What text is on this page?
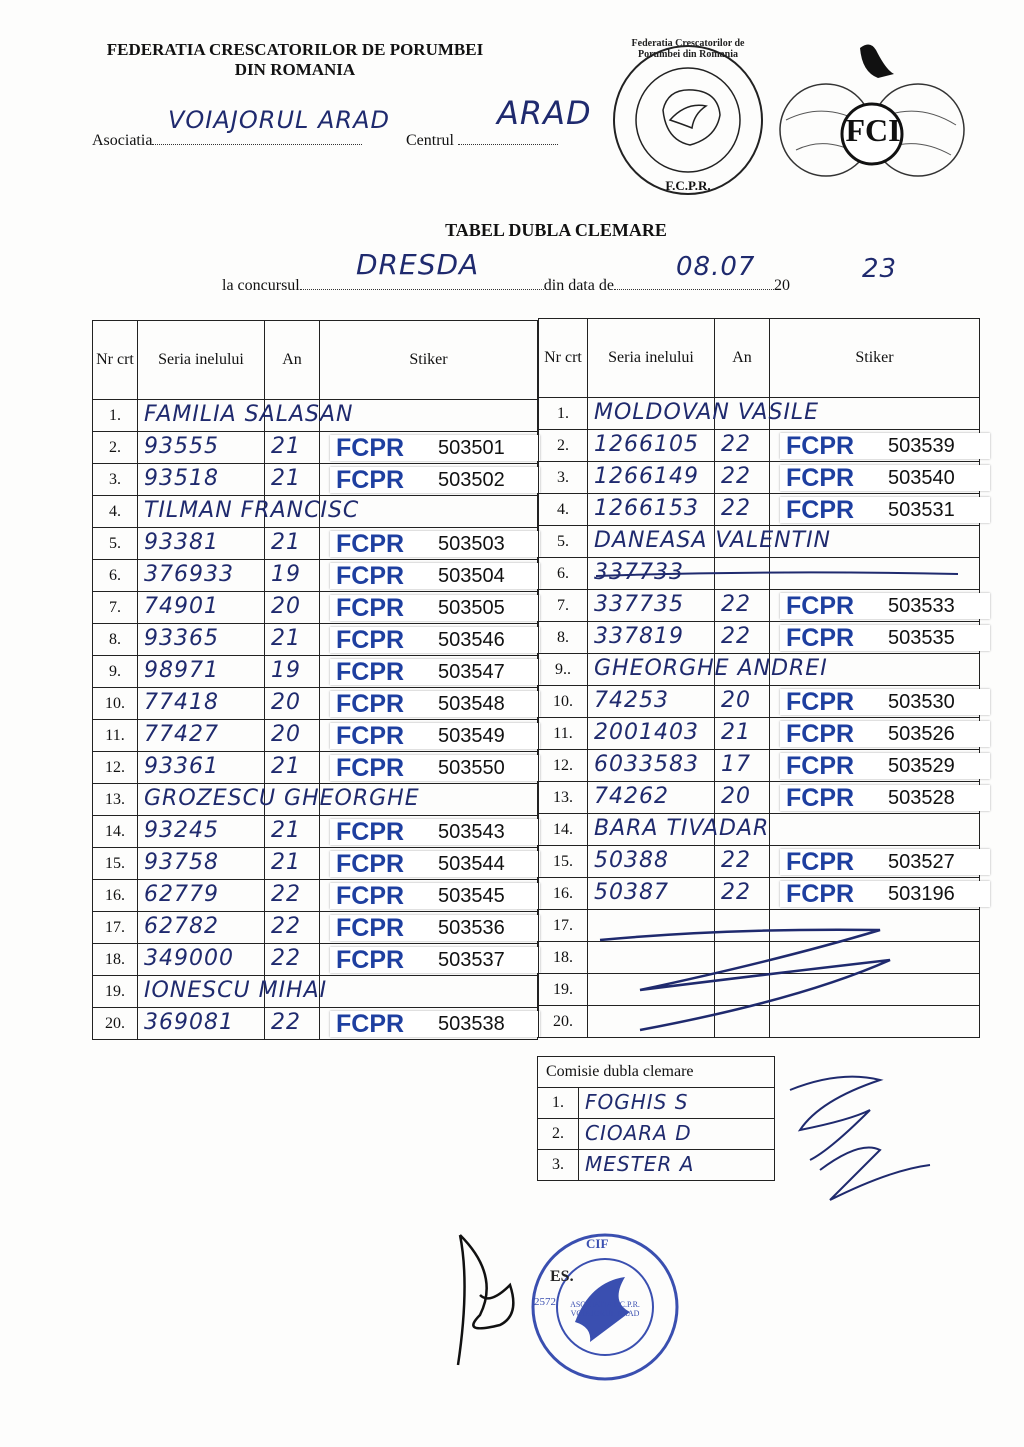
FEDERATIA CRESCATORILOR DE PORUMBEI
DIN ROMANIA
Asociatia
VOIAJORUL ARAD
Centrul
ARAD
Federatia Crescatorilor de Porumbei din Romania
F.C.P.R.
FCI
TABEL DUBLA CLEMARE
la concursul	din data de	20
DRESDA	08.07	23
Nr crt	Seria inelului	An	Stiker
1.	FAMILIA SALASAN		

2.	93555	21	FCPR 503501

3.	93518	21	FCPR 503502

4.	TILMAN FRANCISC		

5.	93381	21	FCPR 503503

6.	376933	19	FCPR 503504

7.	74901	20	FCPR 503505

8.	93365	21	FCPR 503546

9.	98971	19	FCPR 503547

10.	77418	20	FCPR 503548

11.	77427	20	FCPR 503549

12.	93361	21	FCPR 503550

13.	GROZESCU GHEORGHE		

14.	93245	21	FCPR 503543

15.	93758	21	FCPR 503544

16.	62779	22	FCPR 503545

17.	62782	22	FCPR 503536

18.	349000	22	FCPR 503537

19.	IONESCU MIHAI		

20.	369081	22	FCPR 503538
Nr crt	Seria inelului	An	Stiker
1.	MOLDOVAN VASILE		

2.	1266105	22	FCPR 503539

3.	1266149	22	FCPR 503540

4.	1266153	22	FCPR 503531

5.	DANEASA VALENTIN		

6.	337733		

7.	337735	22	FCPR 503533

8.	337819	22	FCPR 503535

9..	GHEORGHE ANDREI		

10.	74253	20	FCPR 503530

11.	2001403	21	FCPR 503526

12.	6033583	17	FCPR 503529

13.	74262	20	FCPR 503528

14.	BARA TIVADAR		

15.	50388	22	FCPR 503527

16.	50387	22	FCPR 503196

17.	

18.	

19.	

20.	

Comisie dubla clemare	
1.	FOGHIS S

2.	CIOARA D

3.	MESTER A
ASOCIATIA F.C.P.R. VOIAJORUL ARAD
CIF
2572
ES.
